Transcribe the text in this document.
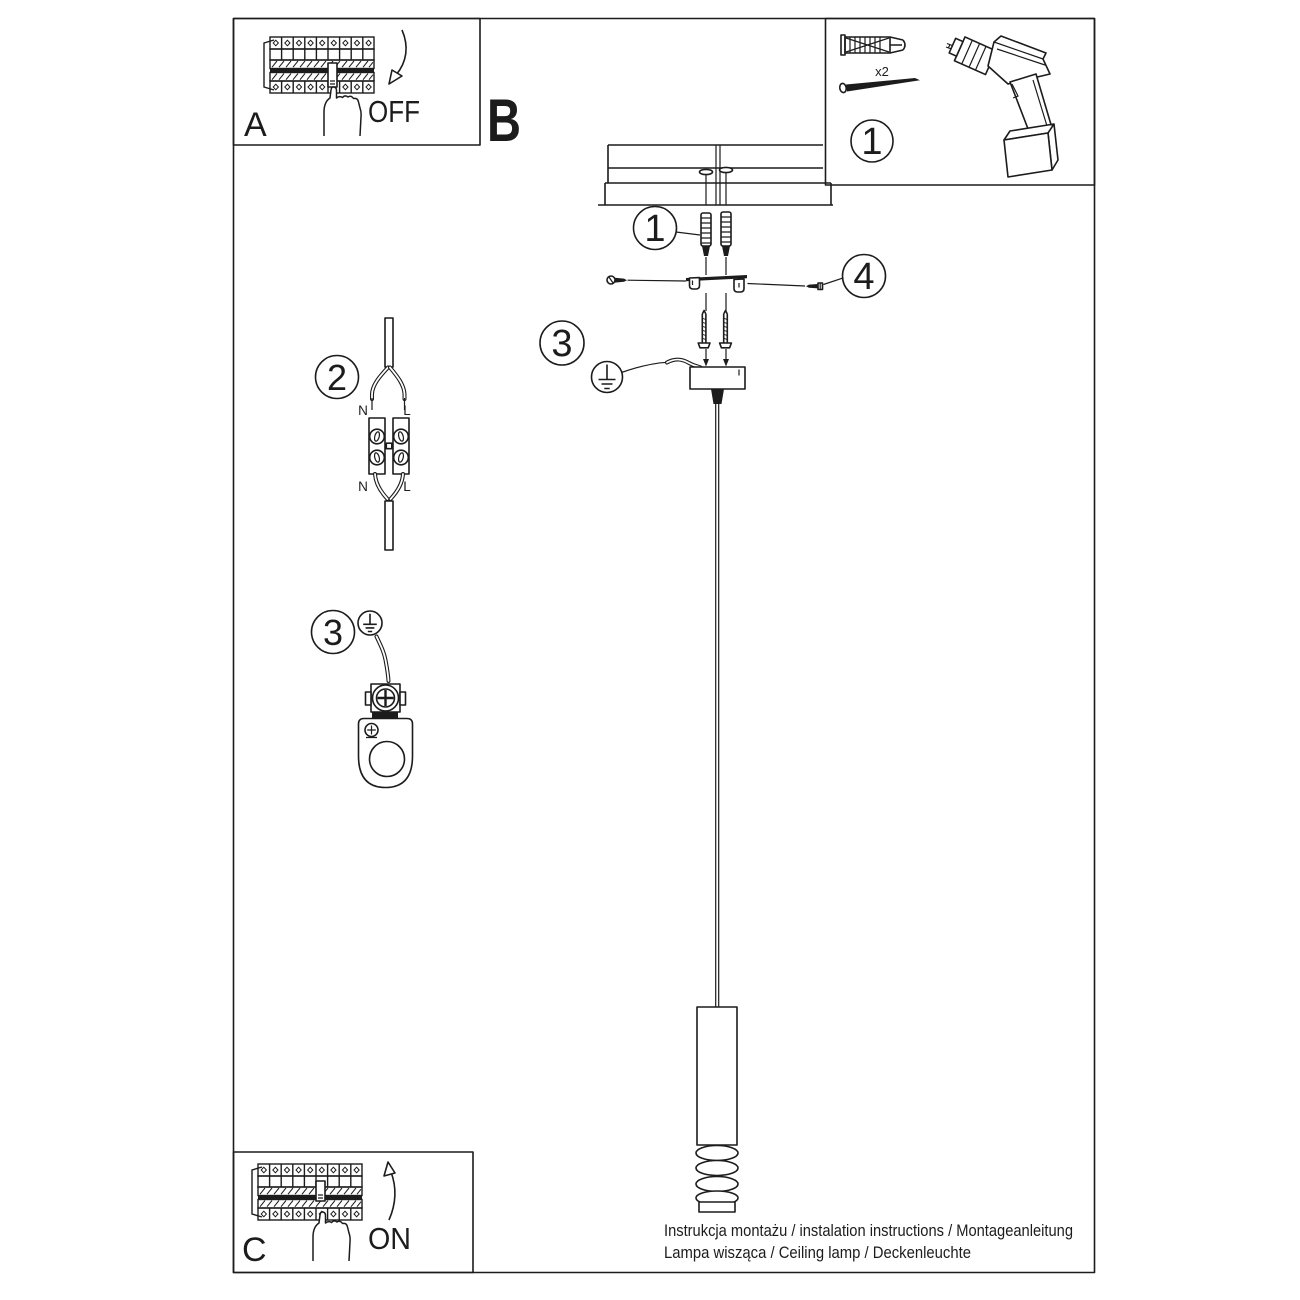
A	OFF B
x2
1
1
4
3
2
N	L
N	L
3
C	ON	Instrukcja montażu / instalation instructions / Montageanleitung
Lampa wisząca / Ceiling lamp / Deckenleuchte
